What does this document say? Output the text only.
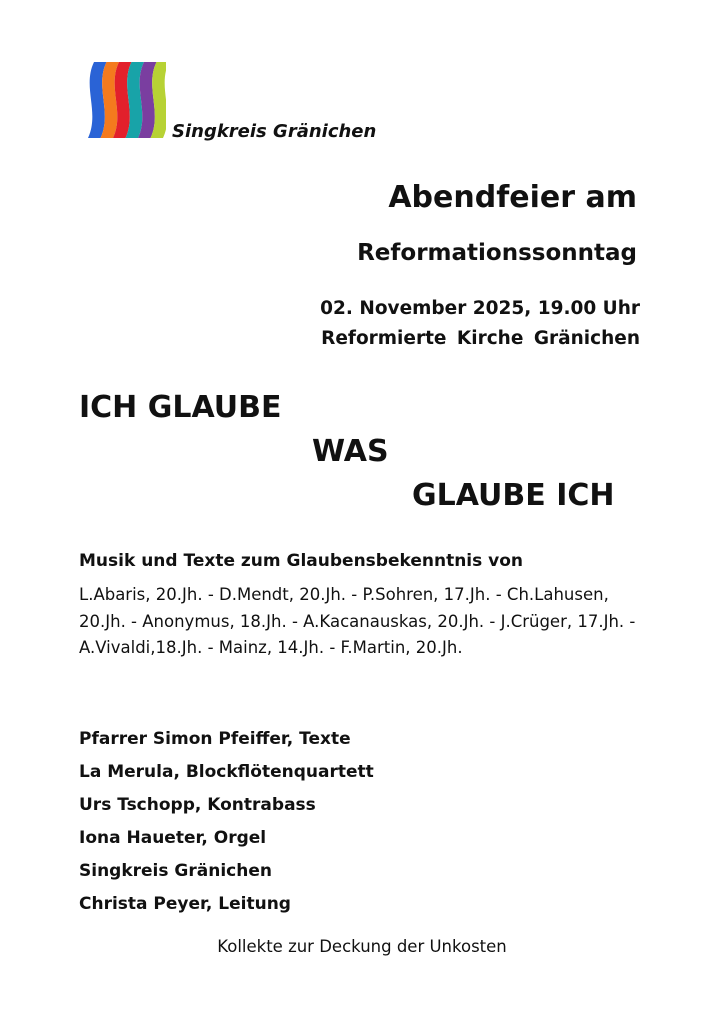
Singkreis Gränichen
Abendfeier am
Reformationssonntag
02. November 2025, 19.00 Uhr
Reformierte Kirche Gränichen
ICH GLAUBE
WAS
GLAUBE ICH
Musik und Texte zum Glaubensbekenntnis von
L.Abaris, 20.Jh. - D.Mendt, 20.Jh. - P.Sohren, 17.Jh. - Ch.Lahusen, 20.Jh. - Anonymus, 18.Jh. - A.Kacanauskas, 20.Jh. - J.Crüger, 17.Jh. - A.Vivaldi,18.Jh. - Mainz, 14.Jh. - F.Martin, 20.Jh.
Pfarrer Simon Pfeiffer, Texte
La Merula, Blockflötenquartett
Urs Tschopp, Kontrabass
Iona Haueter, Orgel
Singkreis Gränichen
Christa Peyer, Leitung
Kollekte zur Deckung der Unkosten
